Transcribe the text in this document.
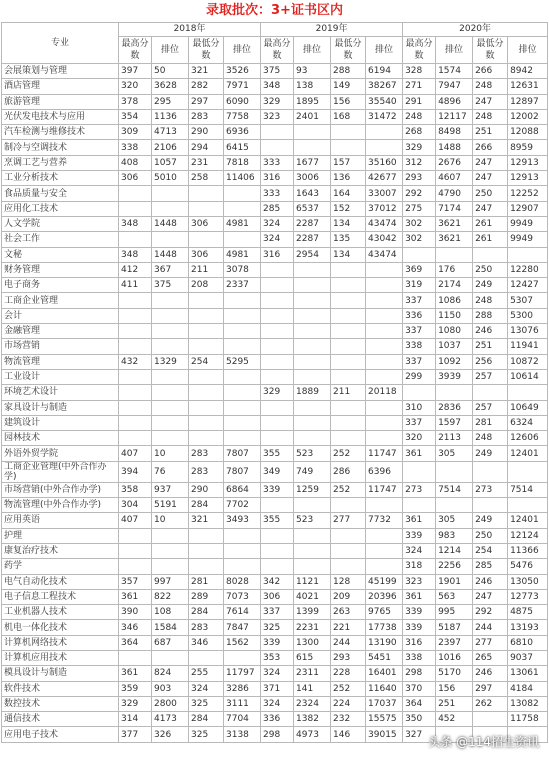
录取批次：3+证书区内
专业	2018年				2019年				2020年			
	最高分数	排位	最低分数	排位	最高分数	排位	最低分数	排位	最高分数	排位	最低分数	排位
会展策划与管理	397	50	321	3526	375	93	288	6194	328	1574	266	8942
酒店管理	320	3628	282	7971	348	138	149	38267	271	7947	248	12631
旅游管理	378	295	297	6090	329	1895	156	35540	291	4896	247	12897
光伏发电技术与应用	354	1136	283	7758	323	2401	168	31472	248	12117	248	12002
汽车检测与维修技术	309	4713	290	6936					268	8498	251	12088
制冷与空调技术	338	2106	294	6415					329	1488	266	8959
烹调工艺与营养	408	1057	231	7818	333	1677	157	35160	312	2676	247	12913
工业分析技术	306	5010	258	11406	316	3006	136	42677	293	4607	247	12913
食品质量与安全					333	1643	164	33007	292	4790	250	12252
应用化工技术					285	6537	152	37012	275	7174	247	12907
人文学院	348	1448	306	4981	324	2287	134	43474	302	3621	261	9949
社会工作					324	2287	135	43042	302	3621	261	9949
文秘	348	1448	306	4981	316	2954	134	43474				
财务管理	412	367	211	3078					369	176	250	12280
电子商务	411	375	208	2337					319	2174	249	12427
工商企业管理									337	1086	248	5307
会计									336	1150	288	5300
金融管理									337	1080	246	13076
市场营销									338	1037	251	11941
物流管理	432	1329	254	5295					337	1092	256	10872
工业设计									299	3939	257	10614
环境艺术设计					329	1889	211	20118				
家具设计与制造									310	2836	257	10649
建筑设计									337	1597	281	6324
园林技术									320	2113	248	12606
外语外贸学院	407	10	283	7807	355	523	252	11747	361	305	249	12401
工商企业管理(中外合作办学)	394	76	283	7807	349	749	286	6396				
市场营销(中外合作办学)	358	937	290	6864	339	1259	252	11747	273	7514	273	7514
物流管理(中外合作办学)	304	5191	284	7702								
应用英语	407	10	321	3493	355	523	277	7732	361	305	249	12401
护理									339	983	250	12124
康复治疗技术									324	1214	254	11366
药学									318	2256	285	5476
电气自动化技术	357	997	281	8028	342	1121	128	45199	323	1901	246	13050
电子信息工程技术	361	822	289	7073	306	4021	209	20396	361	563	247	12773
工业机器人技术	390	108	284	7614	337	1399	263	9765	339	995	292	4875
机电一体化技术	346	1584	283	7847	325	2231	221	17738	339	5187	244	13193
计算机网络技术	364	687	346	1562	339	1300	244	13190	316	2397	277	6810
计算机应用技术					353	615	293	5451	338	1016	265	9037
模具设计与制造	361	824	255	11797	324	2311	228	16401	298	5170	246	13061
软件技术	359	903	324	3286	371	141	252	11640	370	156	297	4184
数控技术	329	2800	325	3111	324	2324	224	17037	364	251	262	13082
通信技术	314	4173	284	7704	336	1382	232	15575	350	452		11758
应用电子技术	377	326	325	3138	298	4973	146	39015	327			
头条 @114招生资讯
